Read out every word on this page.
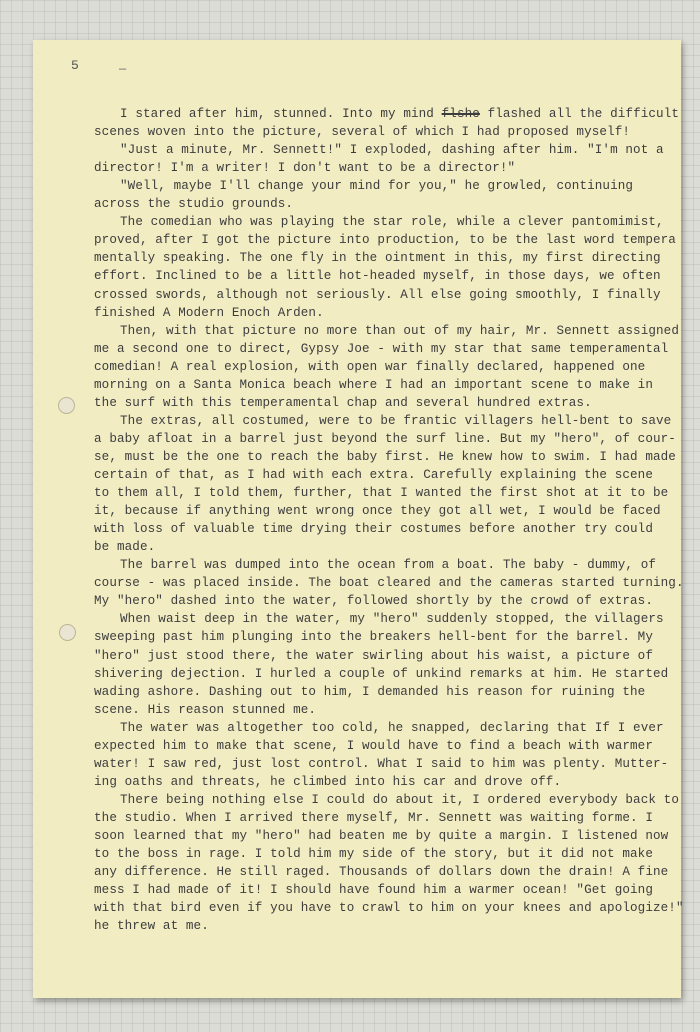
5	—
I stared after him, stunned. Into my mind flshe flashed all the difficult
scenes woven into the picture, several of which I had proposed myself!
"Just a minute, Mr. Sennett!" I exploded, dashing after him. "I'm not a
director! I'm a writer! I don't want to be a director!"
"Well, maybe I'll change your mind for you," he growled, continuing
across the studio grounds.
The comedian who was playing the star role, while a clever pantomimist,
proved, after I got the picture into production, to be the last word tempera
mentally speaking. The one fly in the ointment in this, my first directing
effort. Inclined to be a little hot-headed myself, in those days, we often
crossed swords, although not seriously. All else going smoothly, I finally
finished A Modern Enoch Arden.
Then, with that picture no more than out of my hair, Mr. Sennett assigned
me a second one to direct, Gypsy Joe - with my star that same temperamental
comedian! A real explosion, with open war finally declared, happened one
morning on a Santa Monica beach where I had an important scene to make in
the surf with this temperamental chap and several hundred extras.
The extras, all costumed, were to be frantic villagers hell-bent to save
a baby afloat in a barrel just beyond the surf line. But my "hero", of cour-
se, must be the one to reach the baby first. He knew how to swim. I had made
certain of that, as I had with each extra. Carefully explaining the scene
to them all, I told them, further, that I wanted the first shot at it to be
it, because if anything went wrong once they got all wet, I would be faced
with loss of valuable time drying their costumes before another try could
be made.
The barrel was dumped into the ocean from a boat. The baby - dummy, of
course - was placed inside. The boat cleared and the cameras started turning.
My "hero" dashed into the water, followed shortly by the crowd of extras.
When waist deep in the water, my "hero" suddenly stopped, the villagers
sweeping past him plunging into the breakers hell-bent for the barrel. My
"hero" just stood there, the water swirling about his waist, a picture of
shivering dejection. I hurled a couple of unkind remarks at him. He started
wading ashore. Dashing out to him, I demanded his reason for ruining the
scene. His reason stunned me.
The water was altogether too cold, he snapped, declaring that If I ever
expected him to make that scene, I would have to find a beach with warmer
water! I saw red, just lost control. What I said to him was plenty. Mutter-
ing oaths and threats, he climbed into his car and drove off.
There being nothing else I could do about it, I ordered everybody back to
the studio. When I arrived there myself, Mr. Sennett was waiting forme. I
soon learned that my "hero" had beaten me by quite a margin. I listened now
to the boss in rage. I told him my side of the story, but it did not make
any difference. He still raged. Thousands of dollars down the drain! A fine
mess I had made of it! I should have found him a warmer ocean! "Get going
with that bird even if you have to crawl to him on your knees and apologize!"
he threw at me.
